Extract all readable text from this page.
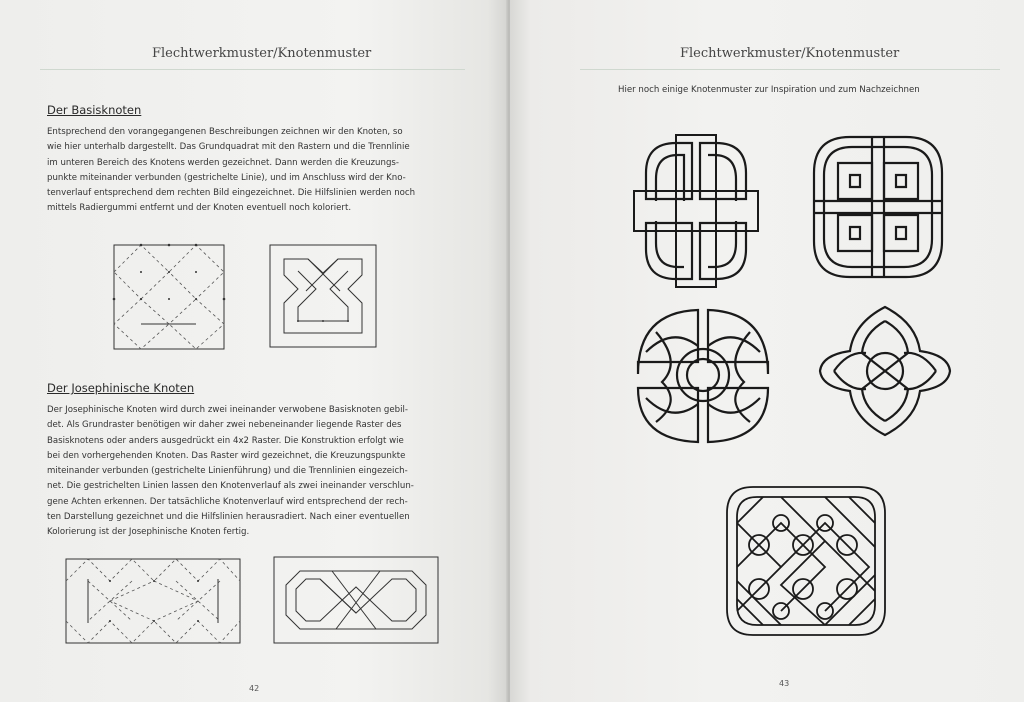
Flechtwerkmuster/Knotenmuster
Der Basisknoten
Entsprechend den vorangegangenen Beschreibungen zeichnen wir den Knoten, so
wie hier unterhalb dargestellt. Das Grundquadrat mit den Rastern und die Trennlinie
im unteren Bereich des Knotens werden gezeichnet. Dann werden die Kreuzungs-
punkte miteinander verbunden (gestrichelte Linie), und im Anschluss wird der Kno-
tenverlauf entsprechend dem rechten Bild eingezeichnet. Die Hilfslinien werden noch
mittels Radiergummi entfernt und der Knoten eventuell noch koloriert.
Der Josephinische Knoten
Der Josephinische Knoten wird durch zwei ineinander verwobene Basisknoten gebil-
det. Als Grundraster benötigen wir daher zwei nebeneinander liegende Raster des
Basisknotens oder anders ausgedrückt ein 4x2 Raster. Die Konstruktion erfolgt wie
bei den vorhergehenden Knoten. Das Raster wird gezeichnet, die Kreuzungspunkte
miteinander verbunden (gestrichelte Linienführung) und die Trennlinien eingezeich-
net. Die gestrichelten Linien lassen den Knotenverlauf als zwei ineinander verschlun-
gene Achten erkennen. Der tatsächliche Knotenverlauf wird entsprechend der rech-
ten Darstellung gezeichnet und die Hilfslinien herausradiert. Nach einer eventuellen
Kolorierung ist der Josephinische Knoten fertig.
42
Flechtwerkmuster/Knotenmuster
Hier noch einige Knotenmuster zur Inspiration und zum Nachzeichnen
43
